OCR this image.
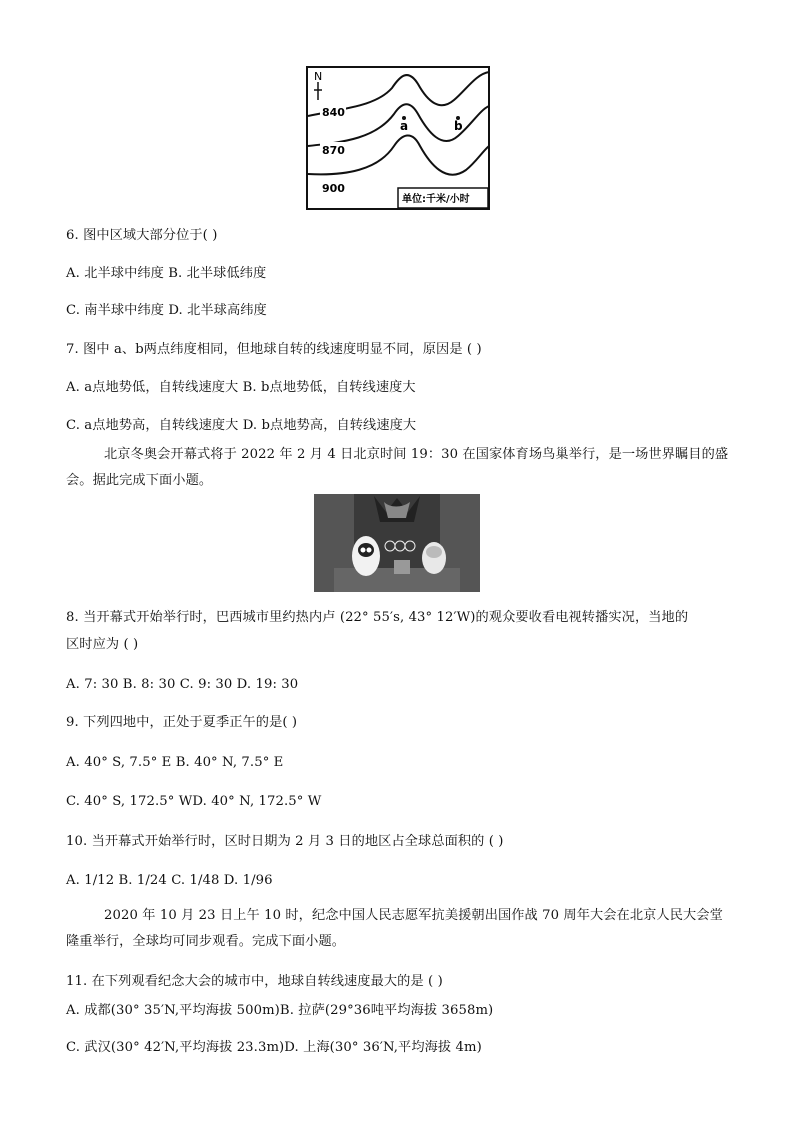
N
840
870
900
a	b
单位:千米/小时
6. 图中区域大部分位于( )
A. 北半球中纬度 B. 北半球低纬度
C. 南半球中纬度 D. 北半球高纬度
7. 图中 a、b两点纬度相同，但地球自转的线速度明显不同，原因是 ( )
A. a点地势低，自转线速度大 B. b点地势低，自转线速度大
C. a点地势高，自转线速度大 D. b点地势高，自转线速度大
北京冬奥会开幕式将于 2022 年 2 月 4 日北京时间 19：30 在国家体育场鸟巢举行，是一场世界瞩目的盛会。据此完成下面小题。
8. 当开幕式开始举行时，巴西城市里约热内卢 (22° 55′s, 43° 12′W)的观众要收看电视转播实况，当地的
区时应为 ( )
A. 7: 30 B. 8: 30 C. 9: 30 D. 19: 30
9. 下列四地中，正处于夏季正午的是( )
A. 40° S, 7.5° E B. 40° N, 7.5° E
C. 40° S, 172.5° WD. 40° N, 172.5° W
10. 当开幕式开始举行时，区时日期为 2 月 3 日的地区占全球总面积的 ( )
A. 1/12 B. 1/24 C. 1/48 D. 1/96
2020 年 10 月 23 日上午 10 时，纪念中国人民志愿军抗美援朝出国作战 70 周年大会在北京人民大会堂隆重举行，全球均可同步观看。完成下面小题。
11. 在下列观看纪念大会的城市中，地球自转线速度最大的是 ( )
A. 成都(30° 35′N,平均海拔 500m)B. 拉萨(29°36吨平均海拔 3658m)
C. 武汉(30° 42′N,平均海拔 23.3m)D. 上海(30° 36′N,平均海拔 4m)
